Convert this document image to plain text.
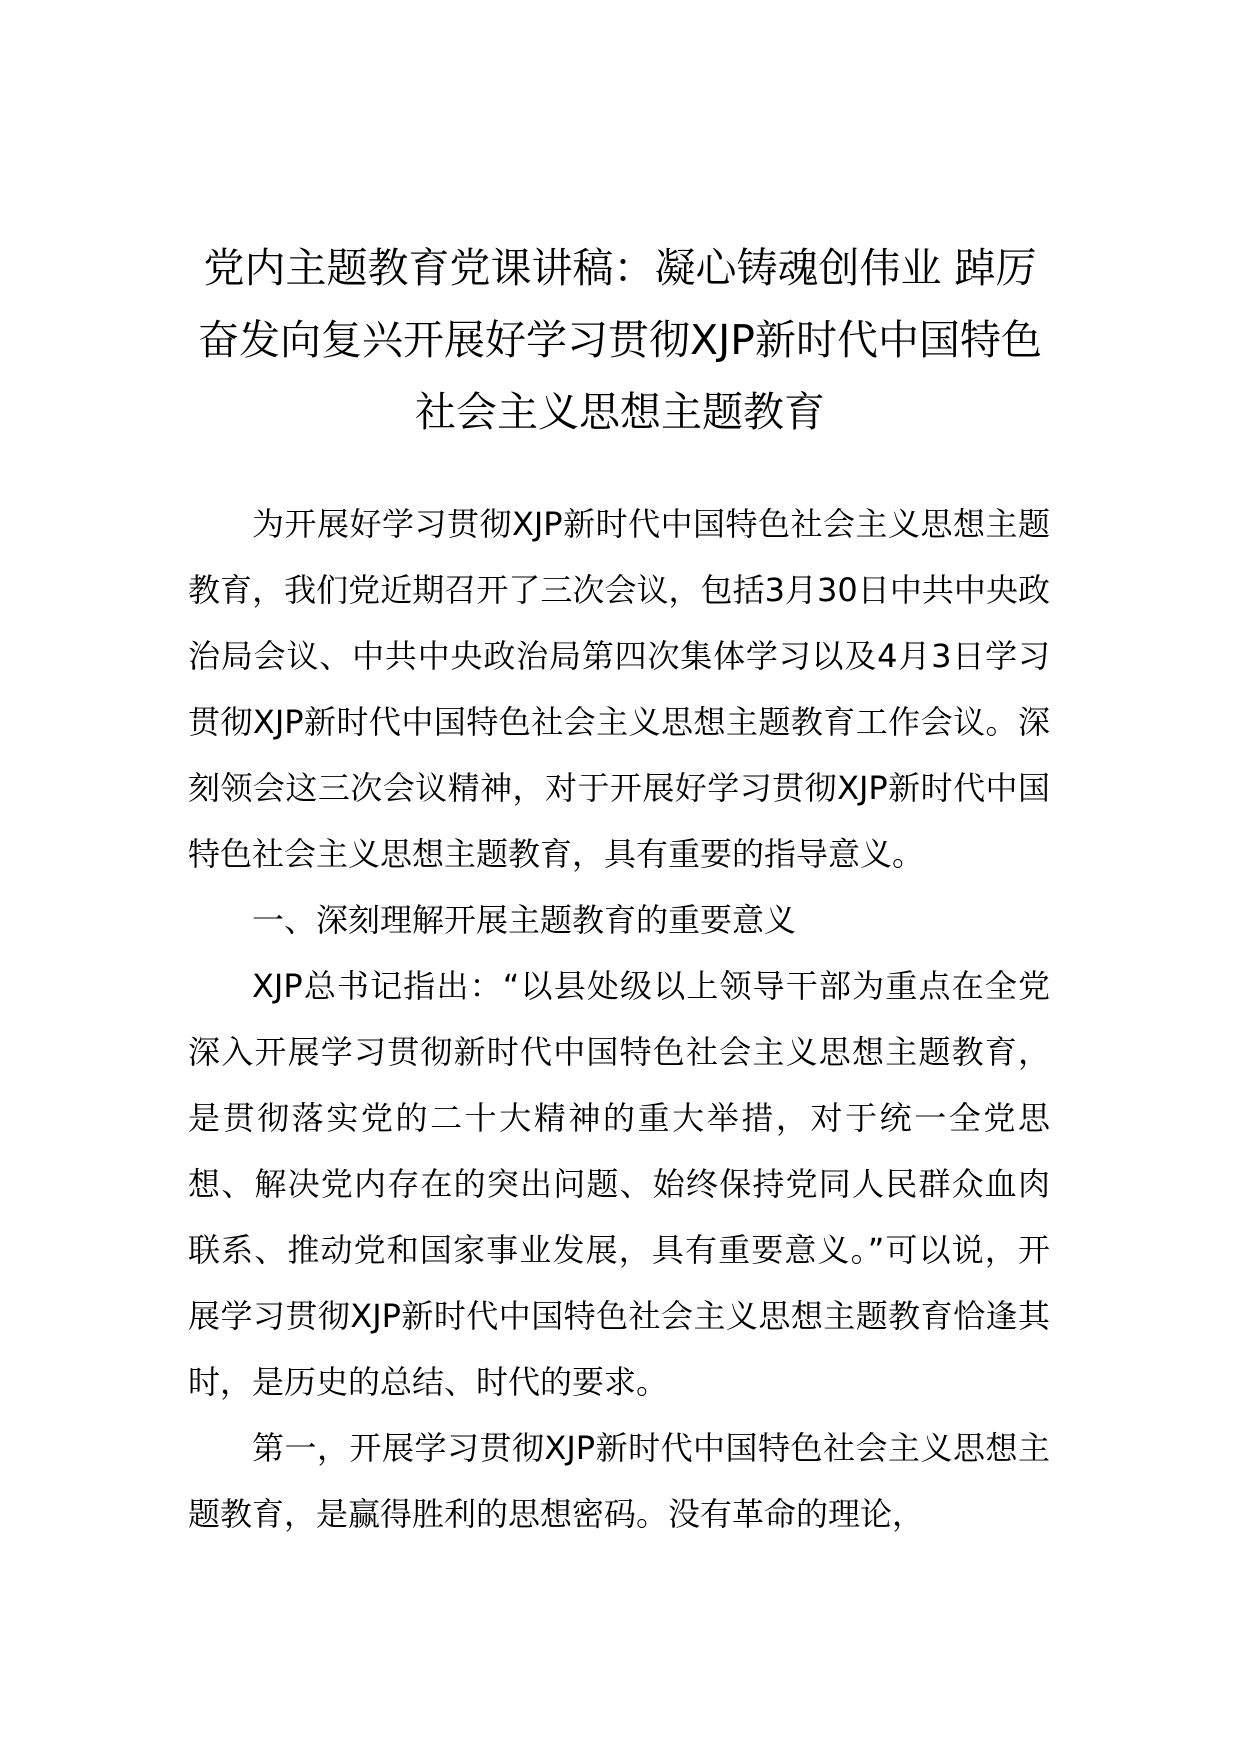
党内主题教育党课讲稿：凝心铸魂创伟业 踔厉奋发向复兴开展好学习贯彻XJP新时代中国特色社会主义思想主题教育

为开展好学习贯彻XJP新时代中国特色社会主义思想主题教育，我们党近期召开了三次会议，包括3月30日中共中央政治局会议、中共中央政治局第四次集体学习以及4月3日学习贯彻XJP新时代中国特色社会主义思想主题教育工作会议。深刻领会这三次会议精神，对于开展好学习贯彻XJP新时代中国特色社会主义思想主题教育，具有重要的指导意义。

一、深刻理解开展主题教育的重要意义

XJP总书记指出：“以县处级以上领导干部为重点在全党深入开展学习贯彻新时代中国特色社会主义思想主题教育，是贯彻落实党的二十大精神的重大举措，对于统一全党思想、解决党内存在的突出问题、始终保持党同人民群众血肉联系、推动党和国家事业发展，具有重要意义。”可以说，开展学习贯彻XJP新时代中国特色社会主义思想主题教育恰逢其时，是历史的总结、时代的要求。

第一，开展学习贯彻XJP新时代中国特色社会主义思想主题教育，是赢得胜利的思想密码。没有革命的理论，
